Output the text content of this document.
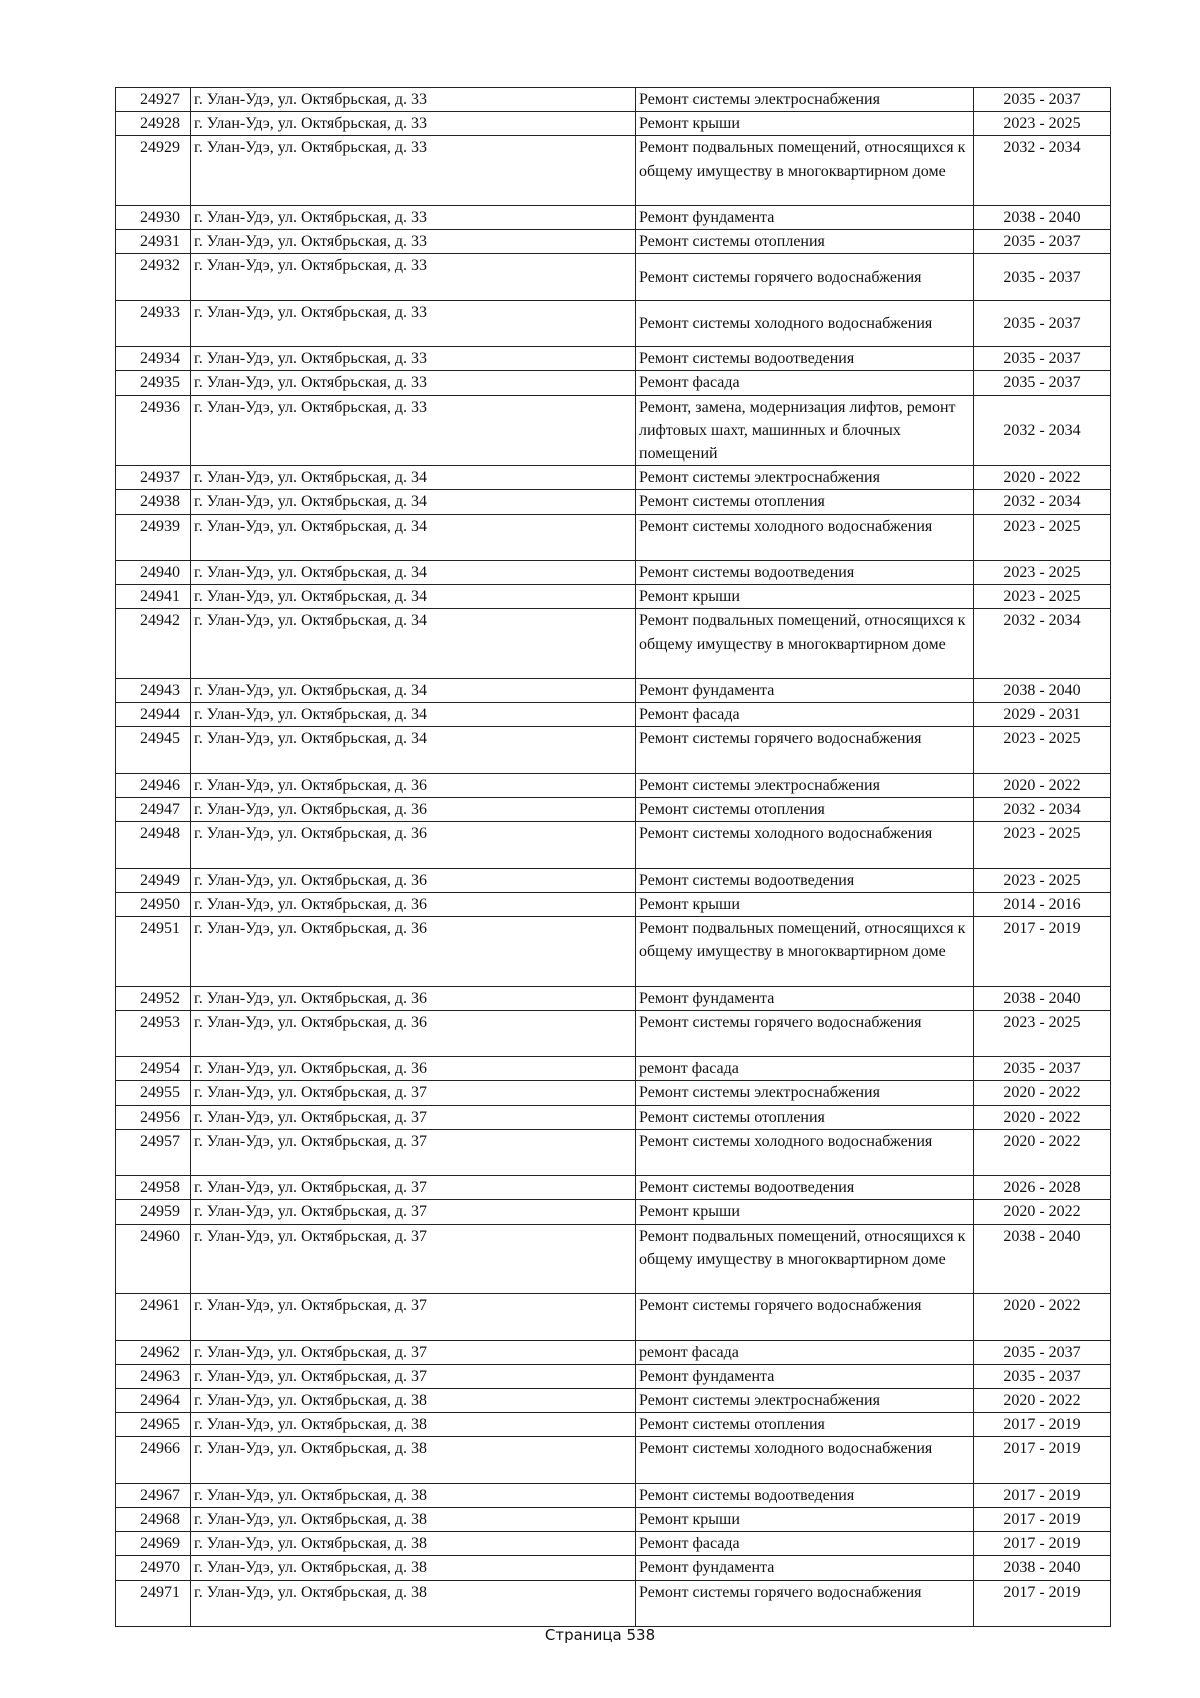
24927	г. Улан-Удэ, ул. Октябрьская, д. 33	Ремонт системы электроснабжения	2035 - 2037
24928	г. Улан-Удэ, ул. Октябрьская, д. 33	Ремонт крыши	2023 - 2025
24929	г. Улан-Удэ, ул. Октябрьская, д. 33	Ремонт подвальных помещений, относящихся к общему имуществу в многоквартирном доме	2032 - 2034
24930	г. Улан-Удэ, ул. Октябрьская, д. 33	Ремонт фундамента	2038 - 2040
24931	г. Улан-Удэ, ул. Октябрьская, д. 33	Ремонт системы отопления	2035 - 2037
24932	г. Улан-Удэ, ул. Октябрьская, д. 33	Ремонт системы горячего водоснабжения	2035 - 2037
24933	г. Улан-Удэ, ул. Октябрьская, д. 33	Ремонт системы холодного водоснабжения	2035 - 2037
24934	г. Улан-Удэ, ул. Октябрьская, д. 33	Ремонт системы водоотведения	2035 - 2037
24935	г. Улан-Удэ, ул. Октябрьская, д. 33	Ремонт фасада	2035 - 2037
24936	г. Улан-Удэ, ул. Октябрьская, д. 33	Ремонт, замена, модернизация лифтов, ремонт лифтовых шахт, машинных и блочных помещений	2032 - 2034
24937	г. Улан-Удэ, ул. Октябрьская, д. 34	Ремонт системы электроснабжения	2020 - 2022
24938	г. Улан-Удэ, ул. Октябрьская, д. 34	Ремонт системы отопления	2032 - 2034
24939	г. Улан-Удэ, ул. Октябрьская, д. 34	Ремонт системы холодного водоснабжения	2023 - 2025
24940	г. Улан-Удэ, ул. Октябрьская, д. 34	Ремонт системы водоотведения	2023 - 2025
24941	г. Улан-Удэ, ул. Октябрьская, д. 34	Ремонт крыши	2023 - 2025
24942	г. Улан-Удэ, ул. Октябрьская, д. 34	Ремонт подвальных помещений, относящихся к общему имуществу в многоквартирном доме	2032 - 2034
24943	г. Улан-Удэ, ул. Октябрьская, д. 34	Ремонт фундамента	2038 - 2040
24944	г. Улан-Удэ, ул. Октябрьская, д. 34	Ремонт фасада	2029 - 2031
24945	г. Улан-Удэ, ул. Октябрьская, д. 34	Ремонт системы горячего водоснабжения	2023 - 2025
24946	г. Улан-Удэ, ул. Октябрьская, д. 36	Ремонт системы электроснабжения	2020 - 2022
24947	г. Улан-Удэ, ул. Октябрьская, д. 36	Ремонт системы отопления	2032 - 2034
24948	г. Улан-Удэ, ул. Октябрьская, д. 36	Ремонт системы холодного водоснабжения	2023 - 2025
24949	г. Улан-Удэ, ул. Октябрьская, д. 36	Ремонт системы водоотведения	2023 - 2025
24950	г. Улан-Удэ, ул. Октябрьская, д. 36	Ремонт крыши	2014 - 2016
24951	г. Улан-Удэ, ул. Октябрьская, д. 36	Ремонт подвальных помещений, относящихся к общему имуществу в многоквартирном доме	2017 - 2019
24952	г. Улан-Удэ, ул. Октябрьская, д. 36	Ремонт фундамента	2038 - 2040
24953	г. Улан-Удэ, ул. Октябрьская, д. 36	Ремонт системы горячего водоснабжения	2023 - 2025
24954	г. Улан-Удэ, ул. Октябрьская, д. 36	ремонт фасада	2035 - 2037
24955	г. Улан-Удэ, ул. Октябрьская, д. 37	Ремонт системы электроснабжения	2020 - 2022
24956	г. Улан-Удэ, ул. Октябрьская, д. 37	Ремонт системы отопления	2020 - 2022
24957	г. Улан-Удэ, ул. Октябрьская, д. 37	Ремонт системы холодного водоснабжения	2020 - 2022
24958	г. Улан-Удэ, ул. Октябрьская, д. 37	Ремонт системы водоотведения	2026 - 2028
24959	г. Улан-Удэ, ул. Октябрьская, д. 37	Ремонт крыши	2020 - 2022
24960	г. Улан-Удэ, ул. Октябрьская, д. 37	Ремонт подвальных помещений, относящихся к общему имуществу в многоквартирном доме	2038 - 2040
24961	г. Улан-Удэ, ул. Октябрьская, д. 37	Ремонт системы горячего водоснабжения	2020 - 2022
24962	г. Улан-Удэ, ул. Октябрьская, д. 37	ремонт фасада	2035 - 2037
24963	г. Улан-Удэ, ул. Октябрьская, д. 37	Ремонт фундамента	2035 - 2037
24964	г. Улан-Удэ, ул. Октябрьская, д. 38	Ремонт системы электроснабжения	2020 - 2022
24965	г. Улан-Удэ, ул. Октябрьская, д. 38	Ремонт системы отопления	2017 - 2019
24966	г. Улан-Удэ, ул. Октябрьская, д. 38	Ремонт системы холодного водоснабжения	2017 - 2019
24967	г. Улан-Удэ, ул. Октябрьская, д. 38	Ремонт системы водоотведения	2017 - 2019
24968	г. Улан-Удэ, ул. Октябрьская, д. 38	Ремонт крыши	2017 - 2019
24969	г. Улан-Удэ, ул. Октябрьская, д. 38	Ремонт фасада	2017 - 2019
24970	г. Улан-Удэ, ул. Октябрьская, д. 38	Ремонт фундамента	2038 - 2040
24971	г. Улан-Удэ, ул. Октябрьская, д. 38	Ремонт системы горячего водоснабжения	2017 - 2019
Страница 538
